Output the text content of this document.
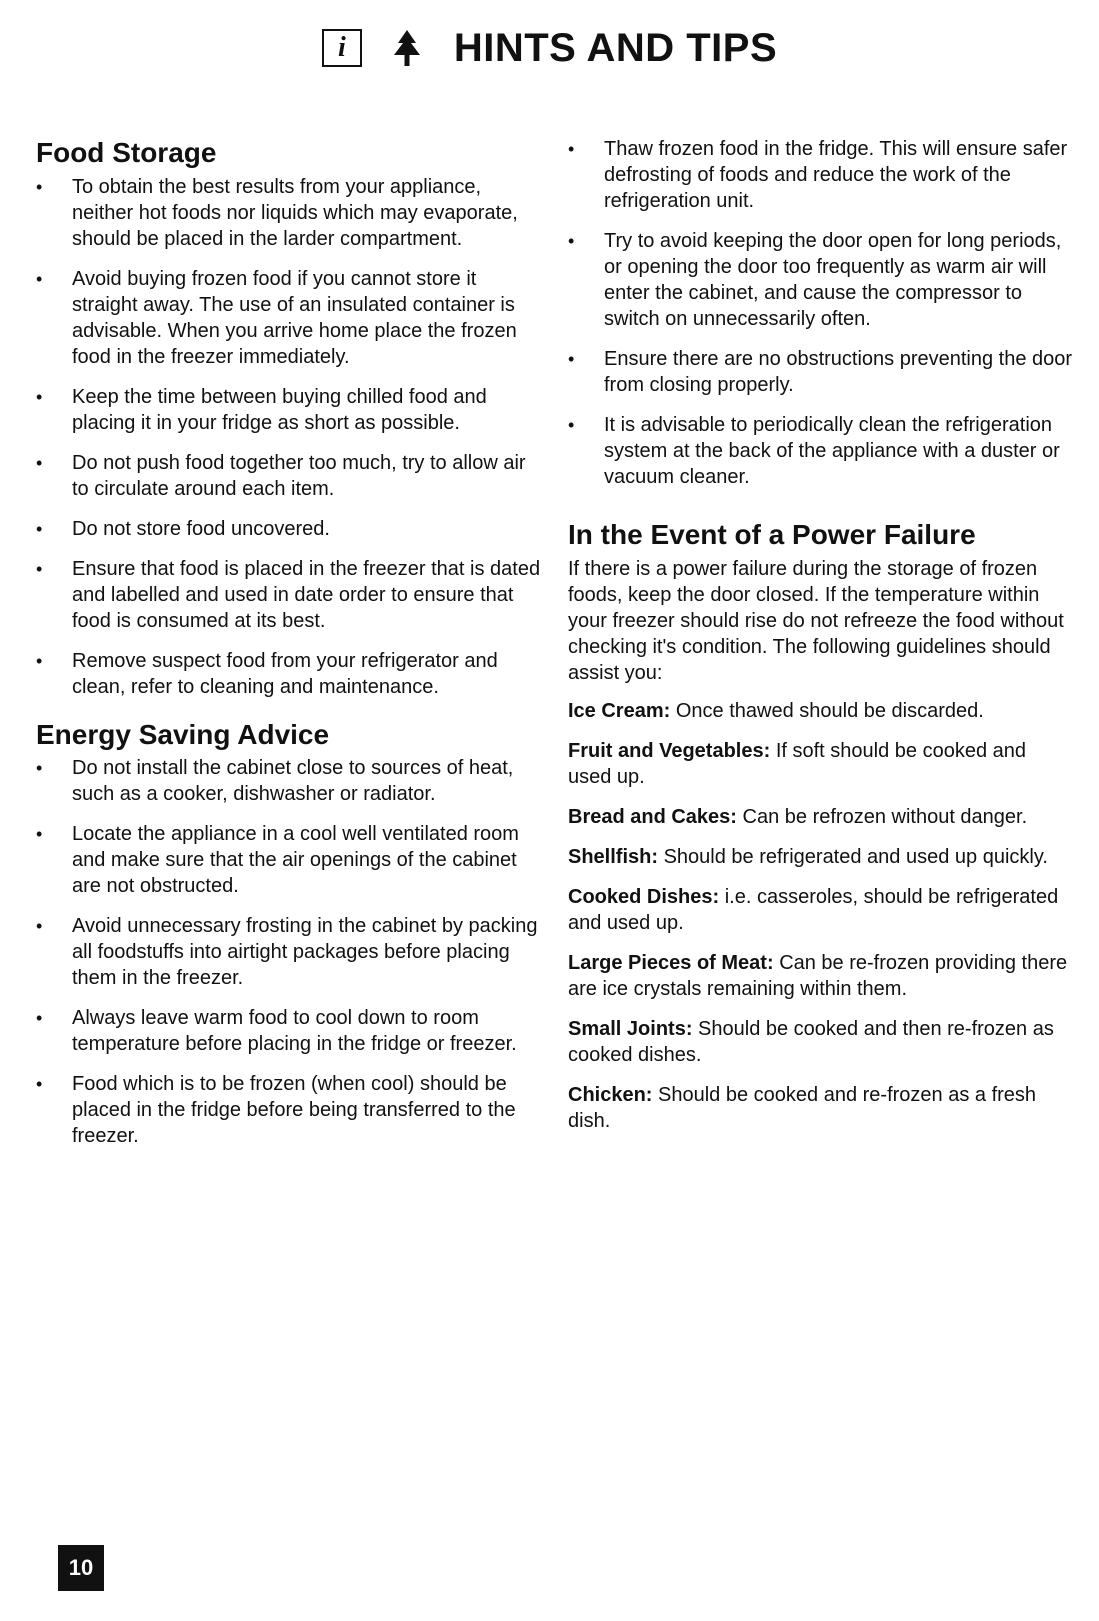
i	HINTS AND TIPS
Food Storage
• To obtain the best results from your appliance, neither hot foods nor liquids which may evaporate, should be placed in the larder compartment.
• Avoid buying frozen food if you cannot store it straight away. The use of an insulated container is advisable. When you arrive home place the frozen food in the freezer immediately.
• Keep the time between buying chilled food and placing it in your fridge as short as possible.
• Do not push food together too much, try to allow air to circulate around each item.
• Do not store food uncovered.
• Ensure that food is placed in the freezer that is dated and labelled and used in date order to ensure that food is consumed at its best.
• Remove suspect food from your refrigerator and clean, refer to cleaning and maintenance.
Energy Saving Advice
• Do not install the cabinet close to sources of heat, such as a cooker, dishwasher or radiator.
• Locate the appliance in a cool well ventilated room and make sure that the air openings of the cabinet are not obstructed.
• Avoid unnecessary frosting in the cabinet by packing all foodstuffs into airtight packages before placing them in the freezer.
• Always leave warm food to cool down to room temperature before placing in the fridge or freezer.
• Food which is to be frozen (when cool) should be placed in the fridge before being transferred to the freezer.
• Thaw frozen food in the fridge. This will ensure safer defrosting of foods and reduce the work of the refrigeration unit.
• Try to avoid keeping the door open for long periods, or opening the door too frequently as warm air will enter the cabinet, and cause the compressor to switch on unnecessarily often.
• Ensure there are no obstructions preventing the door from closing properly.
• It is advisable to periodically clean the refrigeration system at the back of the appliance with a duster or vacuum cleaner.
In the Event of a Power Failure

If there is a power failure during the storage of frozen foods, keep the door closed. If the temperature within your freezer should rise do not refreeze the food without checking it's condition. The following guidelines should assist you:

Ice Cream: Once thawed should be discarded.

Fruit and Vegetables: If soft should be cooked and used up.

Bread and Cakes: Can be refrozen without danger.

Shellfish: Should be refrigerated and used up quickly.

Cooked Dishes: i.e. casseroles, should be refrigerated and used up.

Large Pieces of Meat: Can be re-frozen providing there are ice crystals remaining within them.

Small Joints: Should be cooked and then re-frozen as cooked dishes.

Chicken: Should be cooked and re-frozen as a fresh dish.

10
